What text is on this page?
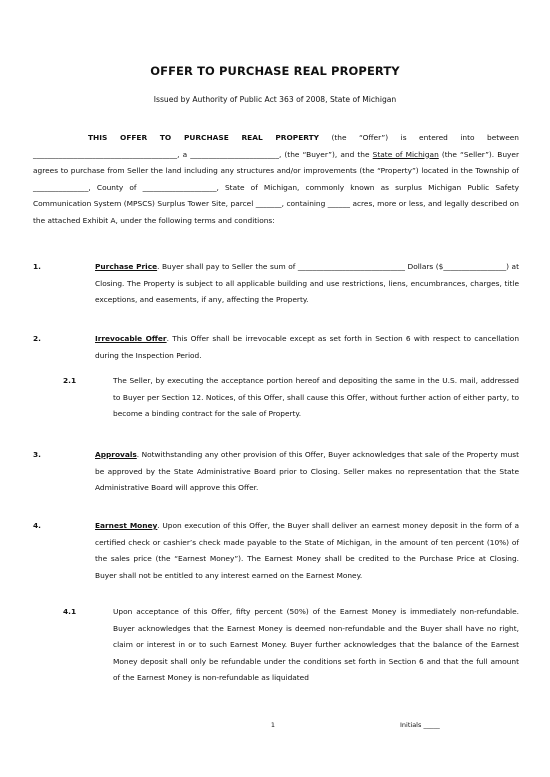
OFFER TO PURCHASE REAL PROPERTY
Issued by Authority of Public Act 363 of 2008, State of Michigan
THIS OFFER TO PURCHASE REAL PROPERTY (the “Offer”) is entered into between _______________________________________, a ________________________, (the “Buyer”), and the State of Michigan (the “Seller”). Buyer agrees to purchase from Seller the land including any structures and/or improvements (the “Property”) located in the Township of _______________, County of ____________________, State of Michigan, commonly known as surplus Michigan Public Safety Communication System (MPSCS) Surplus Tower Site, parcel _______, containing ______ acres, more or less, and legally described on the attached Exhibit A, under the following terms and conditions:
1.	Purchase Price. Buyer shall pay to Seller the sum of _____________________________ Dollars ($_________________) at Closing. The Property is subject to all applicable building and use restrictions, liens, encumbrances, charges, title exceptions, and easements, if any, affecting the Property.
2.	Irrevocable Offer. This Offer shall be irrevocable except as set forth in Section 6 with respect to cancellation during the Inspection Period.
2.1	The Seller, by executing the acceptance portion hereof and depositing the same in the U.S. mail, addressed to Buyer per Section 12. Notices, of this Offer, shall cause this Offer, without further action of either party, to become a binding contract for the sale of Property.
3.	Approvals. Notwithstanding any other provision of this Offer, Buyer acknowledges that sale of the Property must be approved by the State Administrative Board prior to Closing. Seller makes no representation that the State Administrative Board will approve this Offer.
4.	Earnest Money. Upon execution of this Offer, the Buyer shall deliver an earnest money deposit in the form of a certified check or cashier’s check made payable to the State of Michigan, in the amount of ten percent (10%) of the sales price (the “Earnest Money”). The Earnest Money shall be credited to the Purchase Price at Closing. Buyer shall not be entitled to any interest earned on the Earnest Money.
4.1	Upon acceptance of this Offer, fifty percent (50%) of the Earnest Money is immediately non-refundable. Buyer acknowledges that the Earnest Money is deemed non-refundable and the Buyer shall have no right, claim or interest in or to such Earnest Money. Buyer further acknowledges that the balance of the Earnest Money deposit shall only be refundable under the conditions set forth in Section 6 and that the full amount of the Earnest Money is non-refundable as liquidated
1	Initials _____
